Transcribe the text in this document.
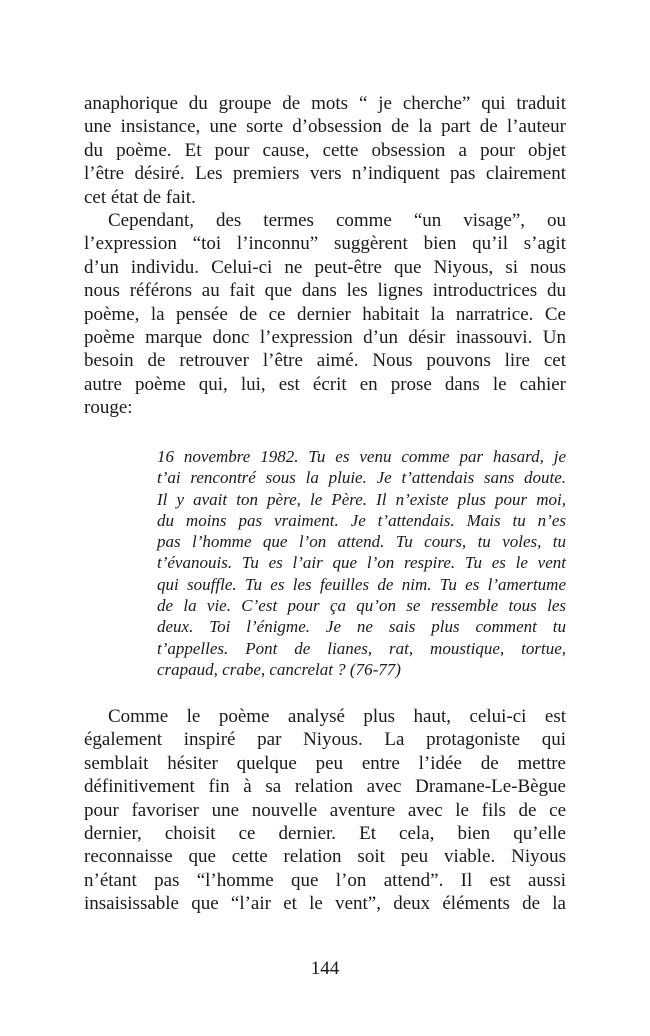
anaphorique du groupe de mots “ je cherche” qui traduit
une insistance, une sorte d’obsession de la part de l’auteur
du poème. Et pour cause, cette obsession a pour objet
l’être désiré. Les premiers vers n’indiquent pas clairement
cet état de fait.
Cependant, des termes comme “un visage”, ou
l’expression “toi l’inconnu” suggèrent bien qu’il s’agit
d’un individu. Celui-ci ne peut-être que Niyous, si nous
nous référons au fait que dans les lignes introductrices du
poème, la pensée de ce dernier habitait la narratrice. Ce
poème marque donc l’expression d’un désir inassouvi. Un
besoin de retrouver l’être aimé. Nous pouvons lire cet
autre poème qui, lui, est écrit en prose dans le cahier
rouge:
16 novembre 1982. Tu es venu comme par hasard, je
t’ai rencontré sous la pluie. Je t’attendais sans doute.
Il y avait ton père, le Père. Il n’existe plus pour moi,
du moins pas vraiment. Je t’attendais. Mais tu n’es
pas l’homme que l’on attend. Tu cours, tu voles, tu
t’évanouis. Tu es l’air que l’on respire. Tu es le vent
qui souffle. Tu es les feuilles de nim. Tu es l’amertume
de la vie. C’est pour ça qu’on se ressemble tous les
deux. Toi l’énigme. Je ne sais plus comment tu
t’appelles. Pont de lianes, rat, moustique, tortue,
crapaud, crabe, cancrelat ? (76-77)
Comme le poème analysé plus haut, celui-ci est
également inspiré par Niyous. La protagoniste qui
semblait hésiter quelque peu entre l’idée de mettre
définitivement fin à sa relation avec Dramane-Le-Bègue
pour favoriser une nouvelle aventure avec le fils de ce
dernier, choisit ce dernier. Et cela, bien qu’elle
reconnaisse que cette relation soit peu viable. Niyous
n’étant pas “l’homme que l’on attend”. Il est aussi
insaisissable que “l’air et le vent”, deux éléments de la
144
